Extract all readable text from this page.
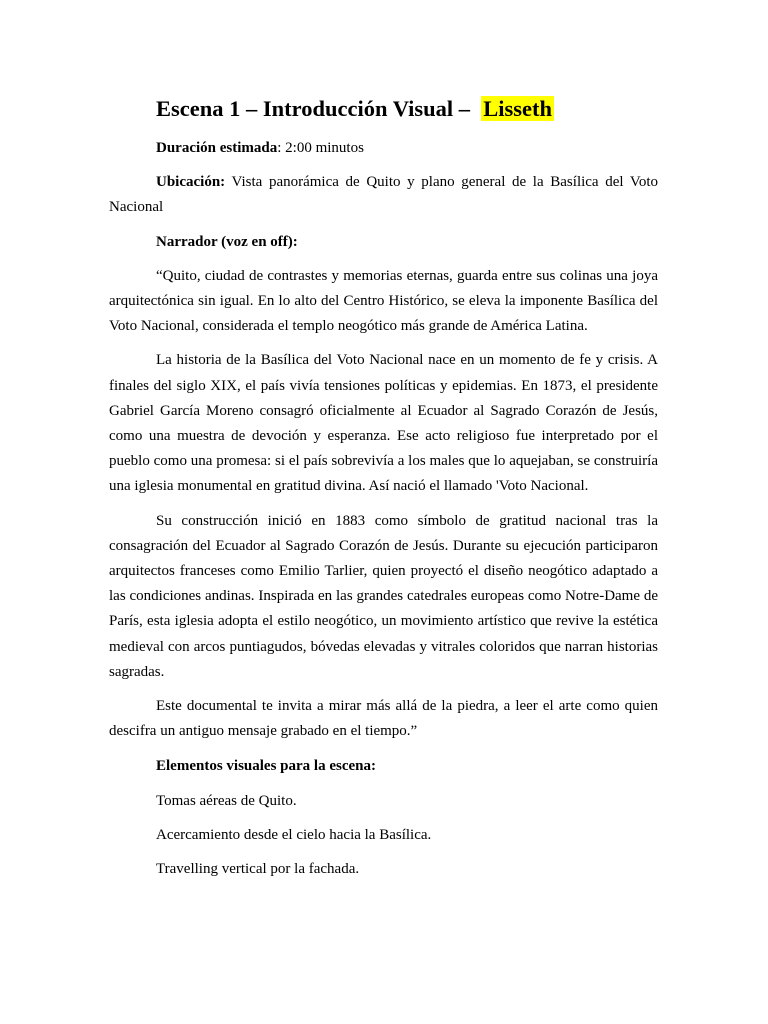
Escena 1 – Introducción Visual – Lisseth

Duración estimada: 2:00 minutos

Ubicación: Vista panorámica de Quito y plano general de la Basílica del Voto Nacional

Narrador (voz en off):

“Quito, ciudad de contrastes y memorias eternas, guarda entre sus colinas una joya arquitectónica sin igual. En lo alto del Centro Histórico, se eleva la imponente Basílica del Voto Nacional, considerada el templo neogótico más grande de América Latina.

La historia de la Basílica del Voto Nacional nace en un momento de fe y crisis. A finales del siglo XIX, el país vivía tensiones políticas y epidemias. En 1873, el presidente Gabriel García Moreno consagró oficialmente al Ecuador al Sagrado Corazón de Jesús, como una muestra de devoción y esperanza. Ese acto religioso fue interpretado por el pueblo como una promesa: si el país sobrevivía a los males que lo aquejaban, se construiría una iglesia monumental en gratitud divina. Así nació el llamado 'Voto Nacional.

Su construcción inició en 1883 como símbolo de gratitud nacional tras la consagración del Ecuador al Sagrado Corazón de Jesús. Durante su ejecución participaron arquitectos franceses como Emilio Tarlier, quien proyectó el diseño neogótico adaptado a las condiciones andinas. Inspirada en las grandes catedrales europeas como Notre-Dame de París, esta iglesia adopta el estilo neogótico, un movimiento artístico que revive la estética medieval con arcos puntiagudos, bóvedas elevadas y vitrales coloridos que narran historias sagradas.

Este documental te invita a mirar más allá de la piedra, a leer el arte como quien descifra un antiguo mensaje grabado en el tiempo.”

Elementos visuales para la escena:

Tomas aéreas de Quito.

Acercamiento desde el cielo hacia la Basílica.

Travelling vertical por la fachada.
